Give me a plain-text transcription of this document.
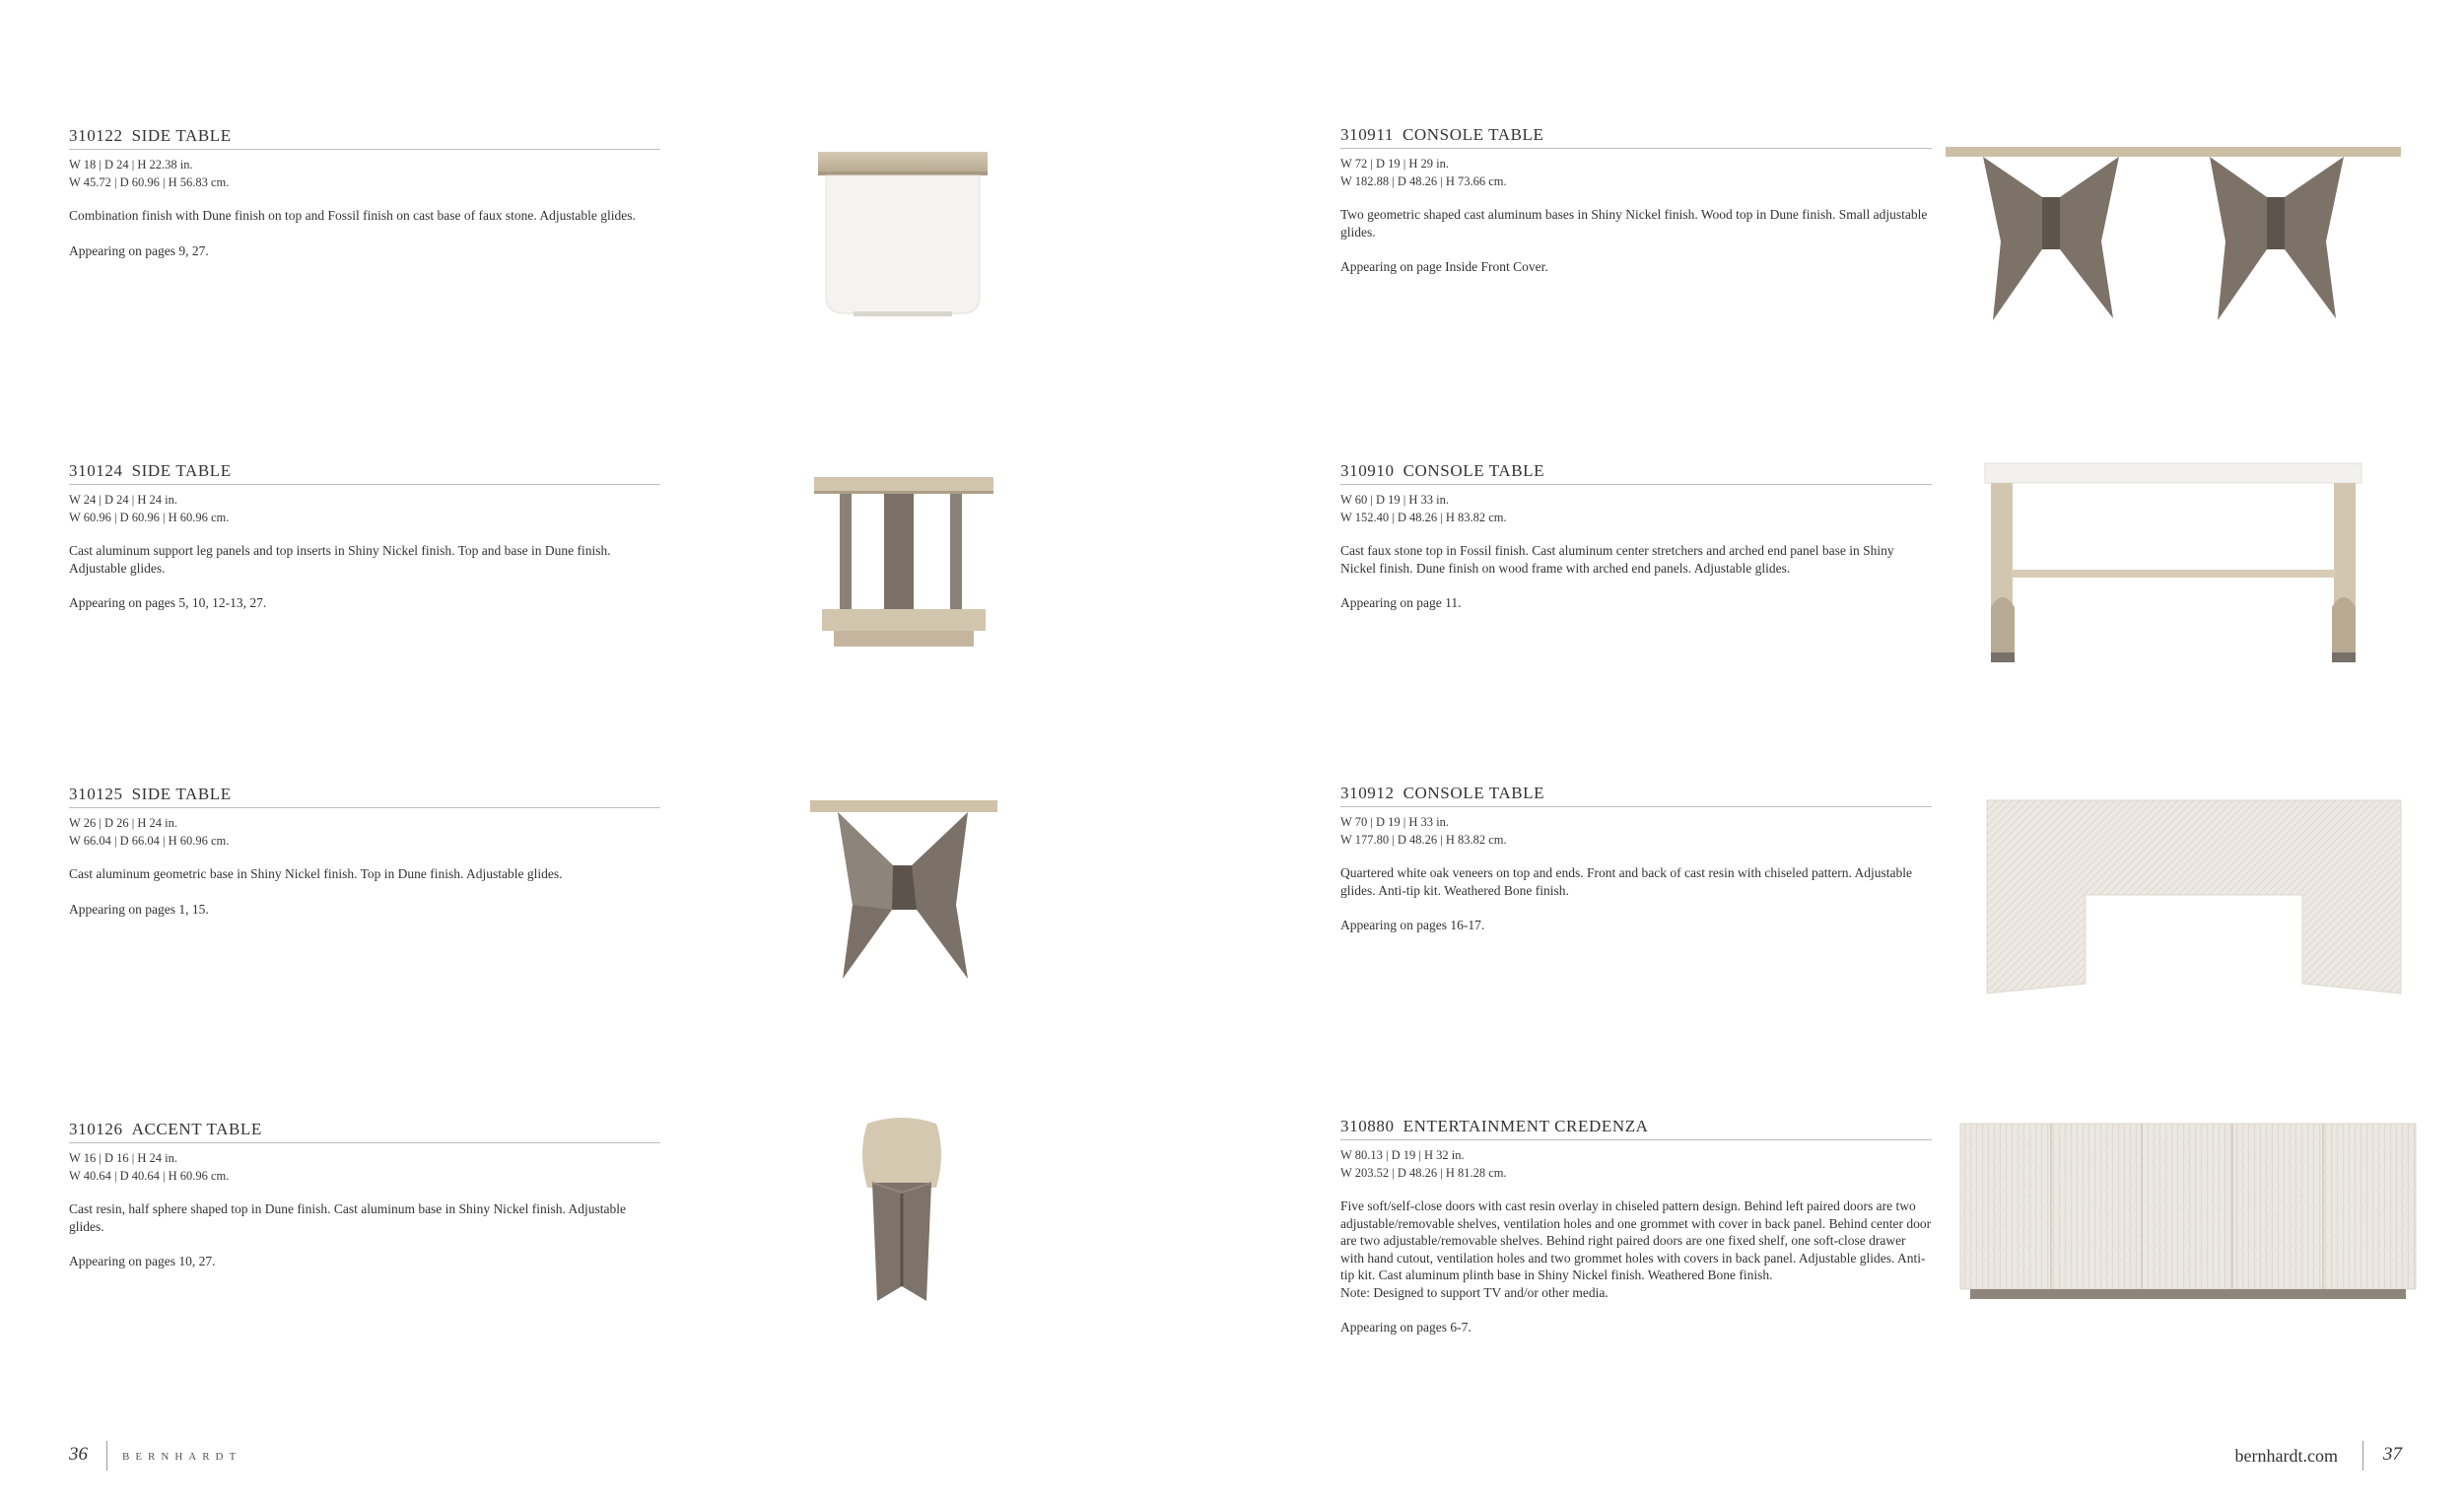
310122 SIDE TABLE
W 18 | D 24 | H 22.38 in.
W 45.72 | D 60.96 | H 56.83 cm.
Combination finish with Dune finish on top and Fossil finish on cast base of faux stone. Adjustable glides.
Appearing on pages 9, 27.
310124 SIDE TABLE
W 24 | D 24 | H 24 in.
W 60.96 | D 60.96 | H 60.96 cm.
Cast aluminum support leg panels and top inserts in Shiny Nickel finish. Top and base in Dune finish. Adjustable glides.
Appearing on pages 5, 10, 12-13, 27.
310125 SIDE TABLE
W 26 | D 26 | H 24 in.
W 66.04 | D 66.04 | H 60.96 cm.
Cast aluminum geometric base in Shiny Nickel finish. Top in Dune finish. Adjustable glides.
Appearing on pages 1, 15.
310126 ACCENT TABLE
W 16 | D 16 | H 24 in.
W 40.64 | D 40.64 | H 60.96 cm.
Cast resin, half sphere shaped top in Dune finish. Cast aluminum base in Shiny Nickel finish. Adjustable glides.
Appearing on pages 10, 27.
310911 CONSOLE TABLE
W 72 | D 19 | H 29 in.
W 182.88 | D 48.26 | H 73.66 cm.
Two geometric shaped cast aluminum bases in Shiny Nickel finish. Wood top in Dune finish. Small adjustable glides.
Appearing on page Inside Front Cover.
310910 CONSOLE TABLE
W 60 | D 19 | H 33 in.
W 152.40 | D 48.26 | H 83.82 cm.
Cast faux stone top in Fossil finish. Cast aluminum center stretchers and arched end panel base in Shiny Nickel finish. Dune finish on wood frame with arched end panels. Adjustable glides.
Appearing on page 11.
310912 CONSOLE TABLE
W 70 | D 19 | H 33 in.
W 177.80 | D 48.26 | H 83.82 cm.
Quartered white oak veneers on top and ends. Front and back of cast resin with chiseled pattern. Adjustable glides. Anti-tip kit. Weathered Bone finish.
Appearing on pages 16-17.
310880 ENTERTAINMENT CREDENZA
W 80.13 | D 19 | H 32 in.
W 203.52 | D 48.26 | H 81.28 cm.
Five soft/self-close doors with cast resin overlay in chiseled pattern design. Behind left paired doors are two adjustable/removable shelves, ventilation holes and one grommet with cover in back panel. Behind center door are two adjustable/removable shelves. Behind right paired doors are one fixed shelf, one soft-close drawer with hand cutout, ventilation holes and two grommet holes with covers in back panel. Adjustable glides. Anti-tip kit. Cast aluminum plinth base in Shiny Nickel finish. Weathered Bone finish.
Note: Designed to support TV and/or other media.
Appearing on pages 6-7.
36	BERNHARDT	bernhardt.com 37
